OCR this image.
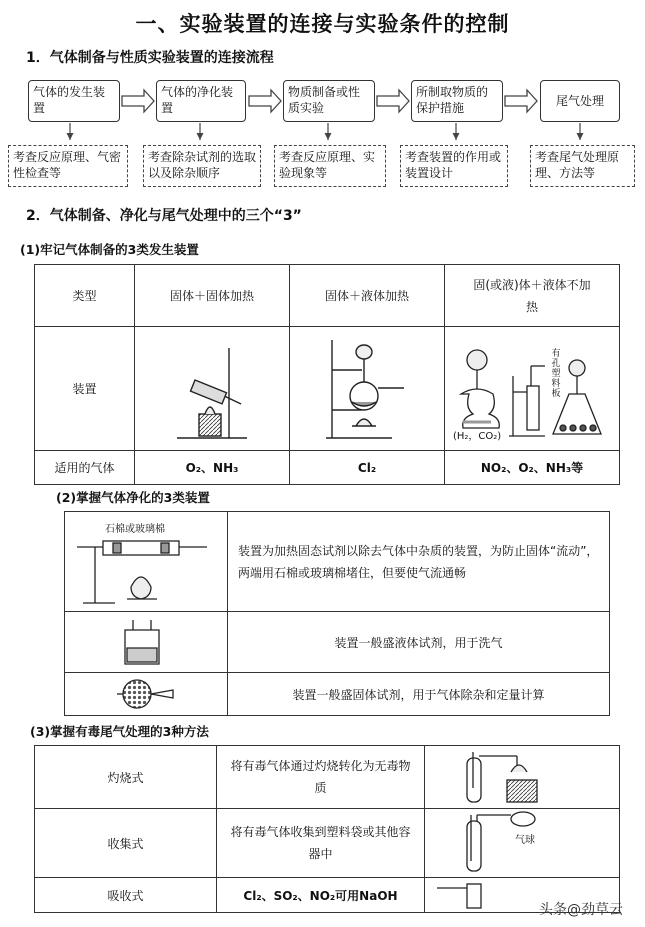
一、实验装置的连接与实验条件的控制
1．气体制备与性质实验装置的连接流程
气体的发生装置
气体的净化装置
物质制备或性质实验
所制取物质的保护措施	尾气处理
考查反应原理、气密性检查等
考查除杂试剂的选取以及除杂顺序
考查反应原理、实验现象等
考查装置的作用或装置设计
考查尾气处理原理、方法等
2．气体制备、净化与尾气处理中的三个“3”
(1)牢记气体制备的3类发生装置
类型	固体＋固体加热	固体＋液体加热	固(或液)体＋液体不加热
装置			(H₂，CO₂)
有孔塑料板

适用的气体	O₂、NH₃	Cl₂	NO₂、O₂、NH₃等
(2)掌握气体净化的3类装置
石棉或玻璃棉	装置为加热固态试剂以除去气体中杂质的装置，为防止固体“流动”，两端用石棉或玻璃棉堵住，但要使气流通畅

	装置一般盛液体试剂，用于洗气

	装置一般盛固体试剂，用于气体除杂和定量计算
(3)掌握有毒尾气处理的3种方法
灼烧式	将有毒气体通过灼烧转化为无毒物质	

收集式	将有毒气体收集到塑料袋或其他容器中	气球

吸收式	Cl₂、SO₂、NO₂可用NaOH	
头条@劲草云
